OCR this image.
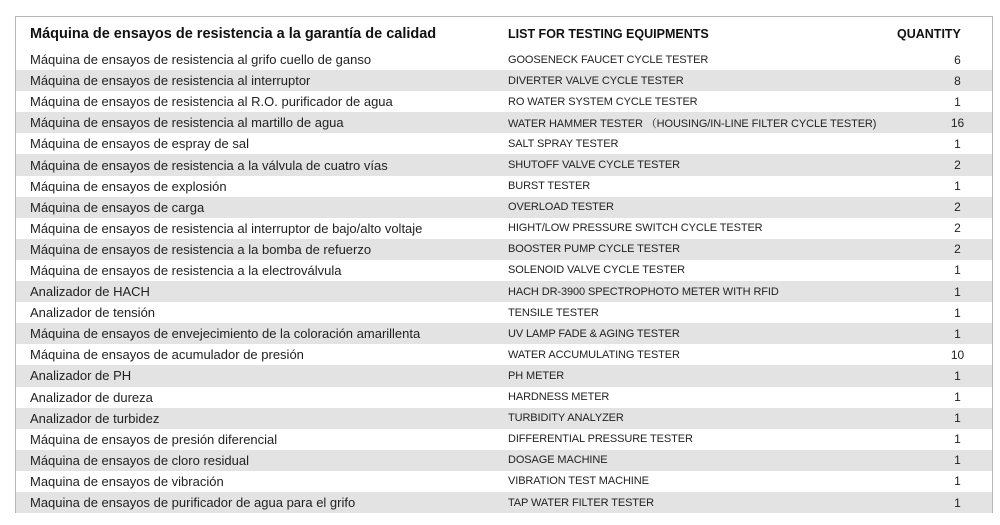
Máquina de ensayos de resistencia a la garantía de calidad	LIST FOR TESTING EQUIPMENTS	QUANTITY
Máquina de ensayos de resistencia al grifo cuello de ganso	GOOSENECK FAUCET CYCLE TESTER	6
Máquina de ensayos de resistencia al interruptor	DIVERTER VALVE CYCLE TESTER	8
Máquina de ensayos de resistencia al R.O. purificador de agua	RO WATER SYSTEM CYCLE TESTER	1
Máquina de ensayos de resistencia al martillo de agua	WATER HAMMER TESTER （HOUSING/IN-LINE FILTER CYCLE TESTER)	16
Máquina de ensayos de espray de sal	SALT SPRAY TESTER	1
Máquina de ensayos de resistencia a la válvula de cuatro vías	SHUTOFF VALVE CYCLE TESTER	2
Máquina de ensayos de explosión	BURST TESTER	1
Máquina de ensayos de carga	OVERLOAD TESTER	2
Máquina de ensayos de resistencia al interruptor de bajo/alto voltaje	HIGHT/LOW PRESSURE SWITCH CYCLE TESTER	2
Máquina de ensayos de resistencia a la bomba de refuerzo	BOOSTER PUMP CYCLE TESTER	2
Máquina de ensayos de resistencia a la electroválvula	SOLENOID VALVE CYCLE TESTER	1
Analizador de HACH	HACH DR-3900 SPECTROPHOTO METER WITH RFID	1
Analizador de tensión	TENSILE TESTER	1
Máquina de ensayos de envejecimiento de la coloración amarillenta	UV LAMP FADE & AGING TESTER	1
Máquina de ensayos de acumulador de presión	WATER ACCUMULATING TESTER	10
Analizador de PH	PH METER	1
Analizador de dureza	HARDNESS METER	1
Analizador de turbidez	TURBIDITY ANALYZER	1
Máquina de ensayos de presión diferencial	DIFFERENTIAL PRESSURE TESTER	1
Máquina de ensayos de cloro residual	DOSAGE MACHINE	1
Maquina de ensayos de vibración	VIBRATION TEST MACHINE	1
Maquina de ensayos de purificador de agua para el grifo	TAP WATER FILTER TESTER	1
